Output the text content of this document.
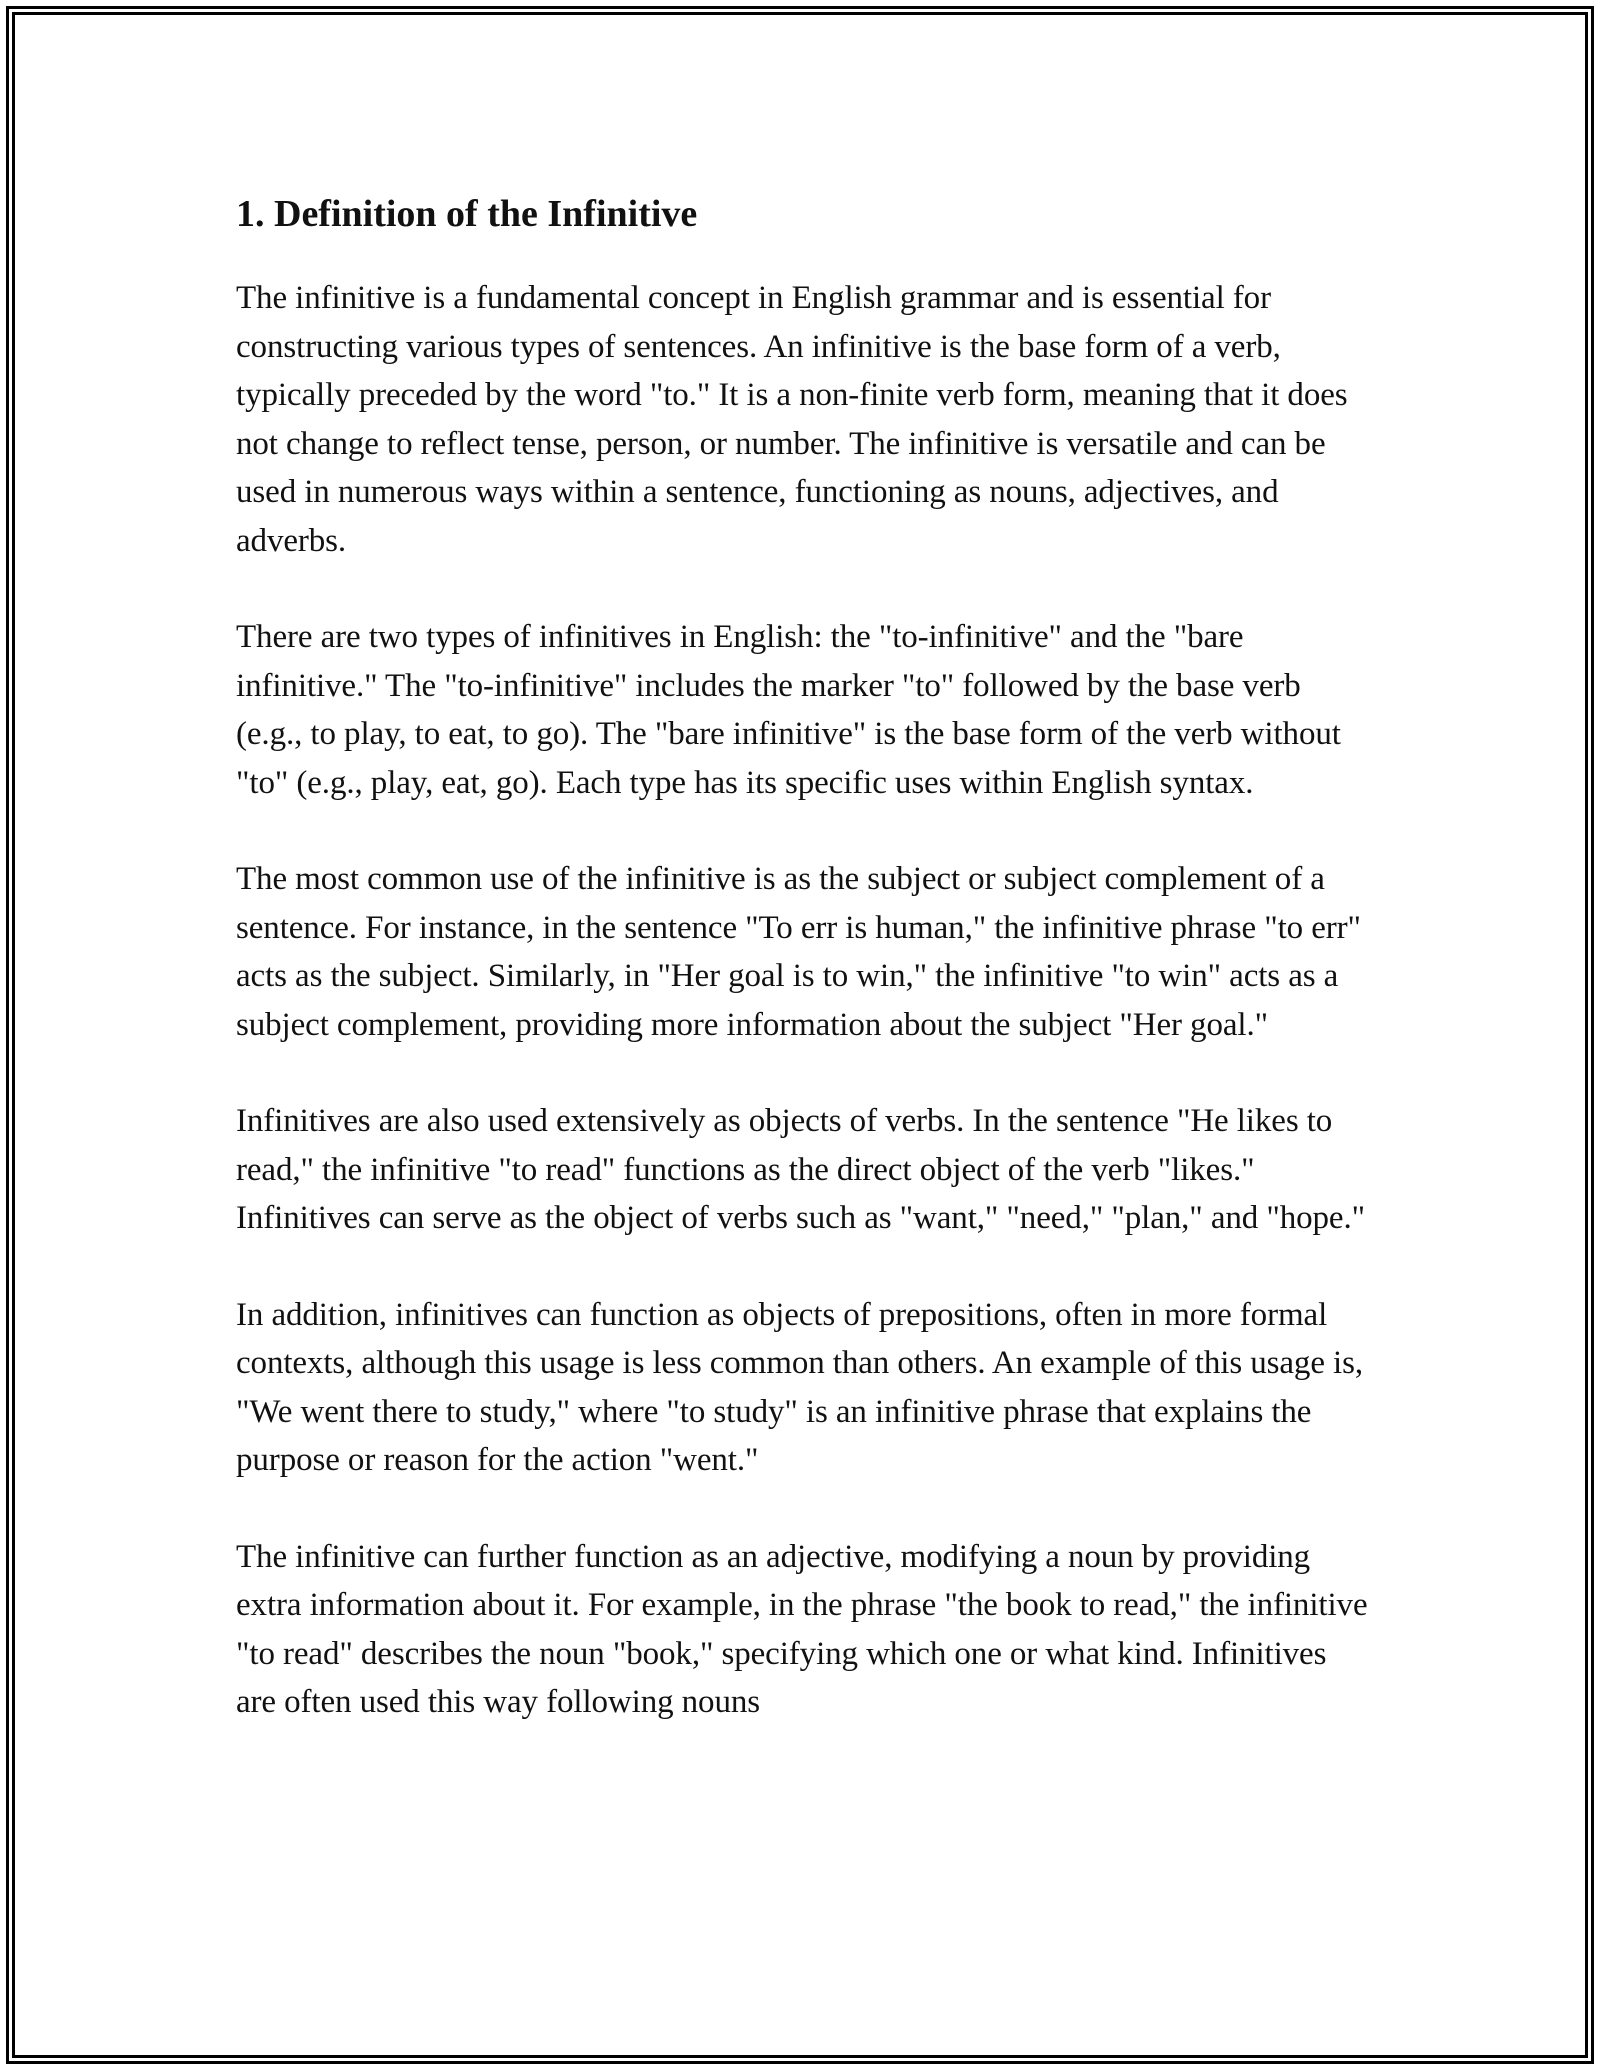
1. Definition of the Infinitive

The infinitive is a fundamental concept in English grammar and is essential for constructing various types of sentences. An infinitive is the base form of a verb, typically preceded by the word "to." It is a non-finite verb form, meaning that it does not change to reflect tense, person, or number. The infinitive is versatile and can be used in numerous ways within a sentence, functioning as nouns, adjectives, and adverbs.

There are two types of infinitives in English: the "to-infinitive" and the "bare infinitive." The "to-infinitive" includes the marker "to" followed by the base verb (e.g., to play, to eat, to go). The "bare infinitive" is the base form of the verb without "to" (e.g., play, eat, go). Each type has its specific uses within English syntax.

The most common use of the infinitive is as the subject or subject complement of a sentence. For instance, in the sentence "To err is human," the infinitive phrase "to err" acts as the subject. Similarly, in "Her goal is to win," the infinitive "to win" acts as a subject complement, providing more information about the subject "Her goal."

Infinitives are also used extensively as objects of verbs. In the sentence "He likes to read," the infinitive "to read" functions as the direct object of the verb "likes." Infinitives can serve as the object of verbs such as "want," "need," "plan," and "hope."

In addition, infinitives can function as objects of prepositions, often in more formal contexts, although this usage is less common than others. An example of this usage is, "We went there to study," where "to study" is an infinitive phrase that explains the purpose or reason for the action "went."

The infinitive can further function as an adjective, modifying a noun by providing extra information about it. For example, in the phrase "the book to read," the infinitive "to read" describes the noun "book," specifying which one or what kind. Infinitives are often used this way following nouns
